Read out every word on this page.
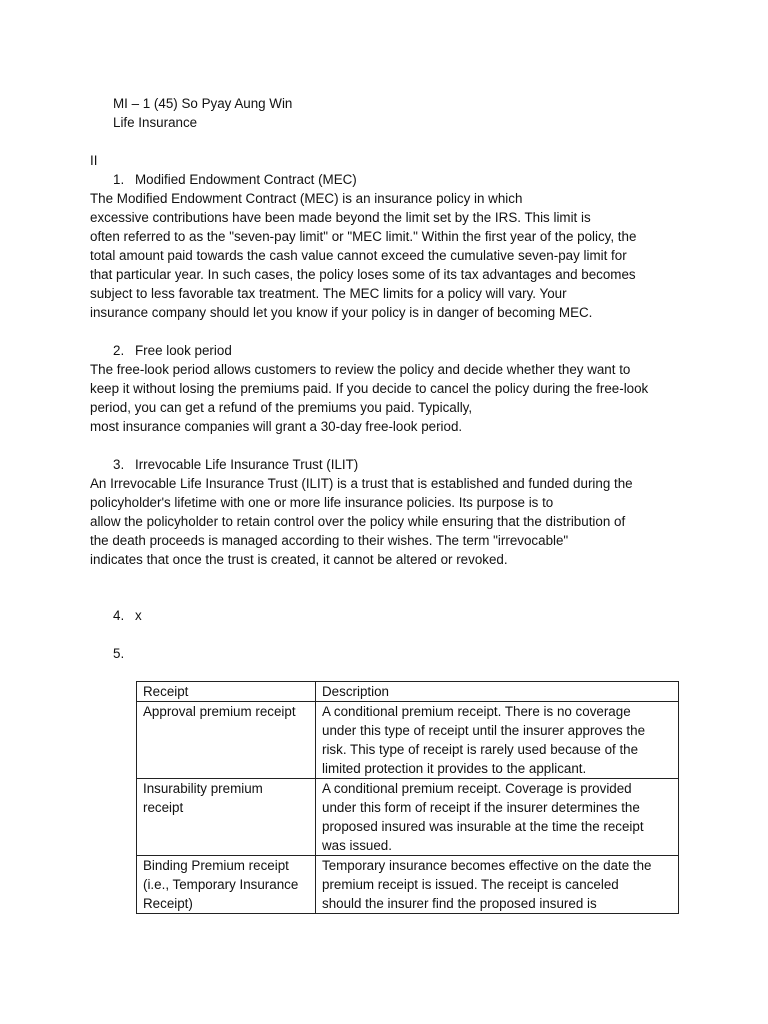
MI – 1 (45) So Pyay Aung Win
Life Insurance
II
1. Modified Endowment Contract (MEC)
The Modified Endowment Contract (MEC) is an insurance policy in which
excessive contributions have been made beyond the limit set by the IRS. This limit is
often referred to as the "seven-pay limit" or "MEC limit." Within the first year of the policy, the
total amount paid towards the cash value cannot exceed the cumulative seven-pay limit for
that particular year. In such cases, the policy loses some of its tax advantages and becomes
subject to less favorable tax treatment. The MEC limits for a policy will vary. Your
insurance company should let you know if your policy is in danger of becoming MEC.
2. Free look period
The free-look period allows customers to review the policy and decide whether they want to
keep it without losing the premiums paid. If you decide to cancel the policy during the free-look
period, you can get a refund of the premiums you paid. Typically,
most insurance companies will grant a 30-day free-look period.
3. Irrevocable Life Insurance Trust (ILIT)
An Irrevocable Life Insurance Trust (ILIT) is a trust that is established and funded during the
policyholder's lifetime with one or more life insurance policies. Its purpose is to
allow the policyholder to retain control over the policy while ensuring that the distribution of
the death proceeds is managed according to their wishes. The term "irrevocable"
indicates that once the trust is created, it cannot be altered or revoked.
4. x
5.
Receipt	Description

Approval premium receipt	A conditional premium receipt. There is no coverage
under this type of receipt until the insurer approves the
risk. This type of receipt is rarely used because of the
limited protection it provides to the applicant.

Insurability premium
receipt	A conditional premium receipt. Coverage is provided
under this form of receipt if the insurer determines the
proposed insured was insurable at the time the receipt
was issued.

Binding Premium receipt
(i.e., Temporary Insurance
Receipt)	Temporary insurance becomes effective on the date the
premium receipt is issued. The receipt is canceled
should the insurer find the proposed insured is
